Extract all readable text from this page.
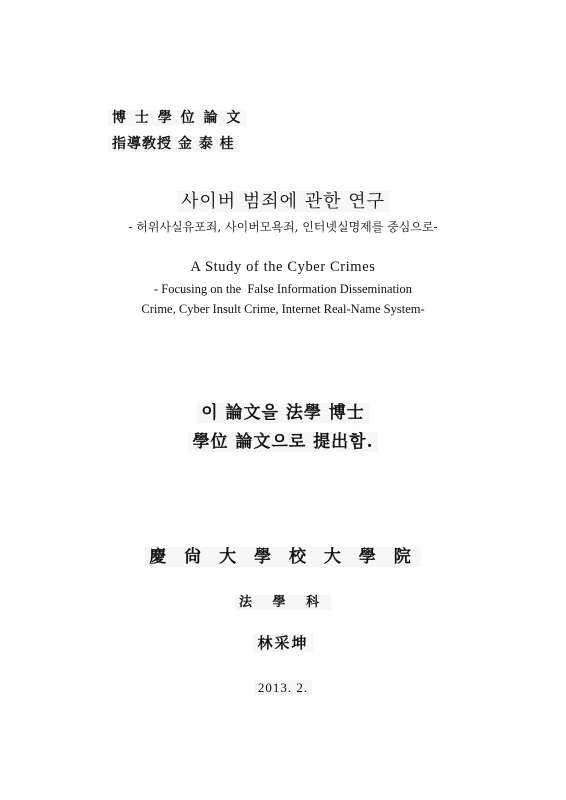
博 士 學 位 論 文
指導敎授 金 泰 桂
사이버 범죄에 관한 연구
- 허위사실유포죄, 사이버모욕죄, 인터넷실명제를 중심으로-
A Study of the Cyber Crimes
- Focusing on the  False Information Dissemination
Crime, Cyber Insult Crime, Internet Real-Name System-
이 論文을 法學 博士
學位 論文으로 提出함.
慶 尙 大 學 校 大 學 院
法 學 科
林采坤
2013. 2.
